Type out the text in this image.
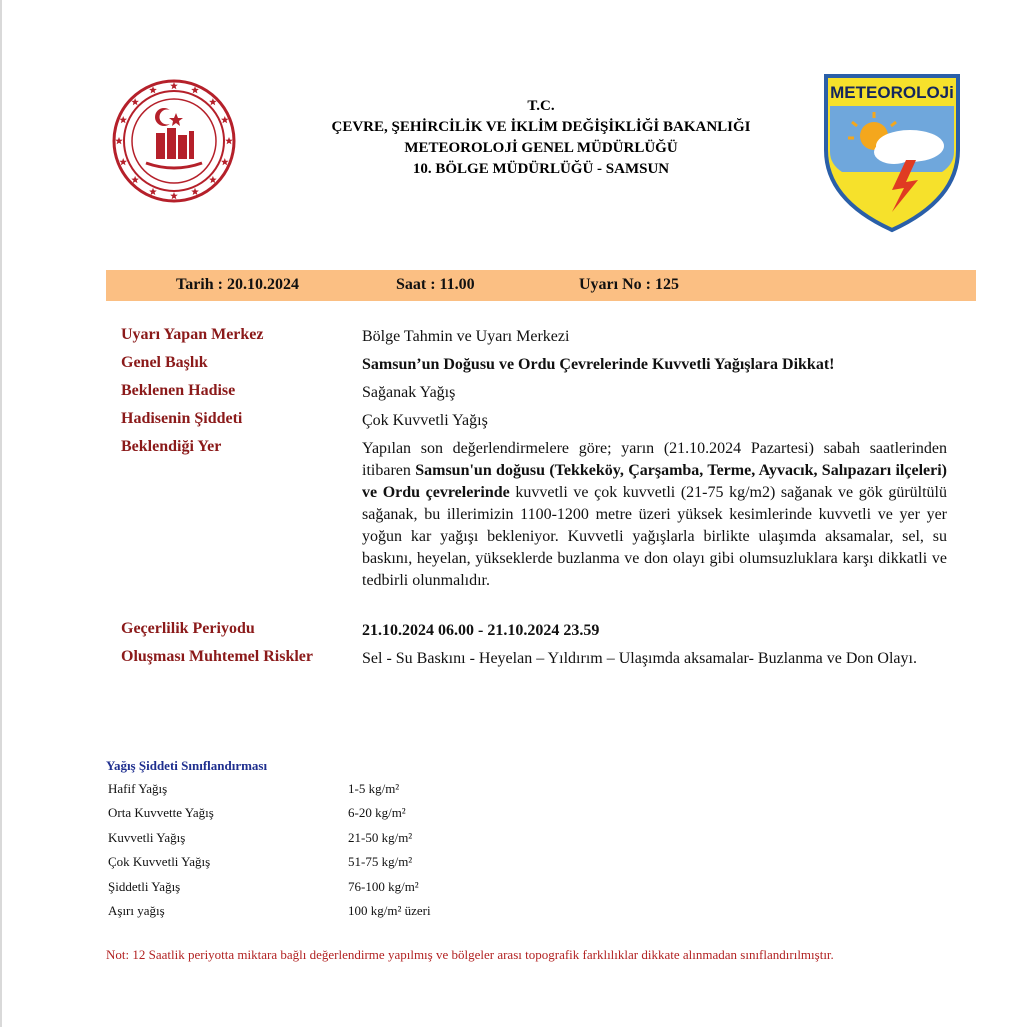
T.C.
ÇEVRE, ŞEHİRCİLİK VE İKLİM DEĞİŞİKLİĞİ BAKANLIĞI
METEOROLOJİ GENEL MÜDÜRLÜĞÜ
10. BÖLGE MÜDÜRLÜĞÜ - SAMSUN
METEOROLOJi
Tarih : 20.10.2024	Saat : 11.00	Uyarı No : 125
Uyarı Yapan Merkez	Bölge Tahmin ve Uyarı Merkezi
Genel Başlık	Samsun’un Doğusu ve Ordu Çevrelerinde Kuvvetli Yağışlara Dikkat!
Beklenen Hadise	Sağanak Yağış
Hadisenin Şiddeti	Çok Kuvvetli Yağış
Beklendiği Yer	Yapılan son değerlendirmelere göre; yarın (21.10.2024 Pazartesi) sabah saatlerinden itibaren Samsun'un doğusu (Tekkeköy, Çarşamba, Terme, Ayvacık, Salıpazarı ilçeleri) ve Ordu çevrelerinde kuvvetli ve çok kuvvetli (21-75 kg/m2) sağanak ve gök gürültülü sağanak, bu illerimizin 1100-1200 metre üzeri yüksek kesimlerinde kuvvetli ve yer yer yoğun kar yağışı bekleniyor. Kuvvetli yağışlarla birlikte ulaşımda aksamalar, sel, su baskını, heyelan, yükseklerde buzlanma ve don olayı gibi olumsuzluklara karşı dikkatli ve tedbirli olunmalıdır.
Geçerlilik Periyodu	21.10.2024 06.00 - 21.10.2024 23.59
Oluşması Muhtemel Riskler	Sel - Su Baskını - Heyelan – Yıldırım – Ulaşımda aksamalar- Buzlanma ve Don Olayı.
Yağış Şiddeti Sınıflandırması
Hafif Yağış	1-5 kg/m²
Orta Kuvvette Yağış	6-20 kg/m²
Kuvvetli Yağış	21-50 kg/m²
Çok Kuvvetli Yağış	51-75 kg/m²
Şiddetli Yağış	76-100 kg/m²
Aşırı yağış	100 kg/m² üzeri
Not: 12 Saatlik periyotta miktara bağlı değerlendirme yapılmış ve bölgeler arası topografik farklılıklar dikkate alınmadan sınıflandırılmıştır.
